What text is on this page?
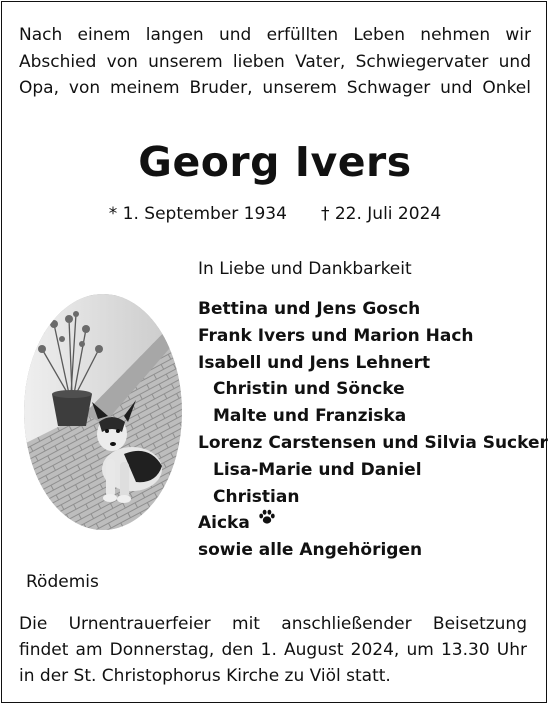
Nach einem langen und erfüllten Leben nehmen wir
Abschied von unserem lieben Vater, Schwiegervater und
Opa, von meinem Bruder, unserem Schwager und Onkel
Georg Ivers
* 1. September 1934 † 22. Juli 2024
In Liebe und Dankbarkeit
Bettina und Jens Gosch
Frank Ivers und Marion Hach
Isabell und Jens Lehnert
Christin und Söncke
Malte und Franziska
Lorenz Carstensen und Silvia Sucker
Lisa-Marie und Daniel
Christian
Aicka
sowie alle Angehörigen
Rödemis
Die Urnentrauerfeier mit anschließender Beisetzung
findet am Donnerstag, den 1. August 2024, um 13.30 Uhr
in der St. Christophorus Kirche zu Viöl statt.
